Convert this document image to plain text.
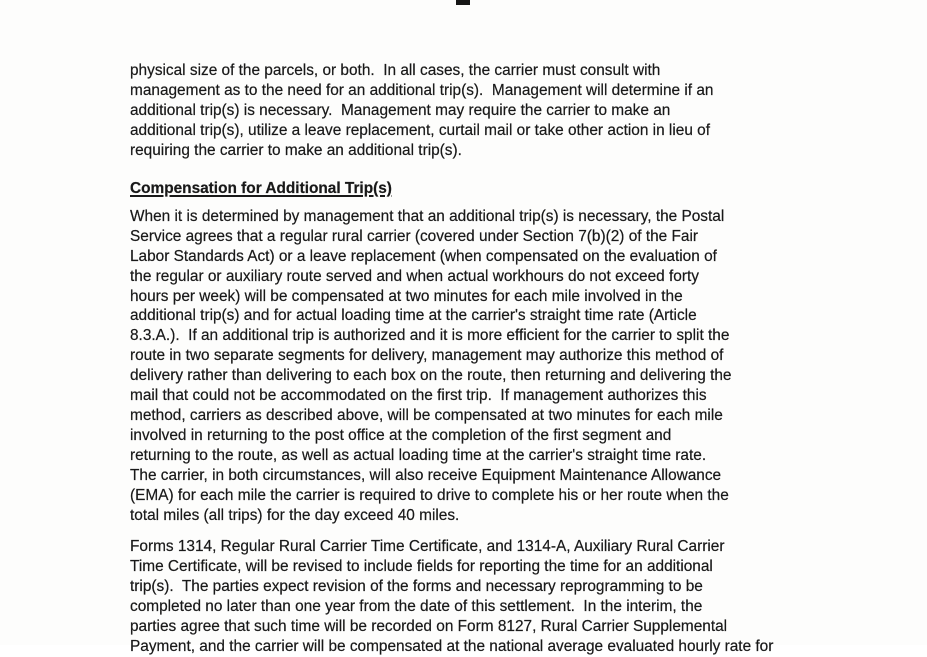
physical size of the parcels, or both.  In all cases, the carrier must consult with
management as to the need for an additional trip(s).  Management will determine if an
additional trip(s) is necessary.  Management may require the carrier to make an
additional trip(s), utilize a leave replacement, curtail mail or take other action in lieu of
requiring the carrier to make an additional trip(s).
Compensation for Additional Trip(s)
When it is determined by management that an additional trip(s) is necessary, the Postal
Service agrees that a regular rural carrier (covered under Section 7(b)(2) of the Fair
Labor Standards Act) or a leave replacement (when compensated on the evaluation of
the regular or auxiliary route served and when actual workhours do not exceed forty
hours per week) will be compensated at two minutes for each mile involved in the
additional trip(s) and for actual loading time at the carrier's straight time rate (Article
8.3.A.).  If an additional trip is authorized and it is more efficient for the carrier to split the
route in two separate segments for delivery, management may authorize this method of
delivery rather than delivering to each box on the route, then returning and delivering the
mail that could not be accommodated on the first trip.  If management authorizes this
method, carriers as described above, will be compensated at two minutes for each mile
involved in returning to the post office at the completion of the first segment and
returning to the route, as well as actual loading time at the carrier's straight time rate.
The carrier, in both circumstances, will also receive Equipment Maintenance Allowance
(EMA) for each mile the carrier is required to drive to complete his or her route when the
total miles (all trips) for the day exceed 40 miles.
Forms 1314, Regular Rural Carrier Time Certificate, and 1314-A, Auxiliary Rural Carrier
Time Certificate, will be revised to include fields for reporting the time for an additional
trip(s).  The parties expect revision of the forms and necessary reprogramming to be
completed no later than one year from the date of this settlement.  In the interim, the
parties agree that such time will be recorded on Form 8127, Rural Carrier Supplemental
Payment, and the carrier will be compensated at the national average evaluated hourly rate for
